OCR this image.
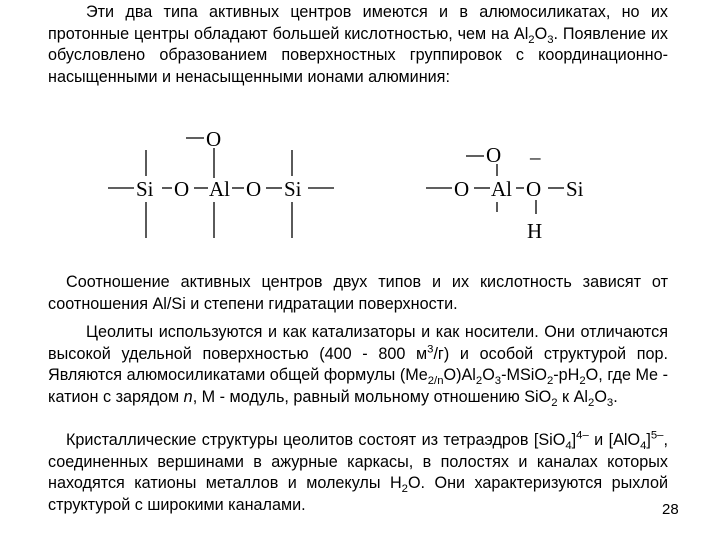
Эти два типа активных центров имеются и в алюмосиликатах, но их протонные центры обладают большей кислотностью, чем на $Al_2O_3$. Появление их обусловлено образованием поверхностных группировок с координационно-насыщенными и ненасыщенными ионами алюминия:

Si O Al
O
O Si	O Al
O
O
–
H
Si

Соотношение активных центров двух типов и их кислотность зависят от соотношения Al/Si и степени гидратации поверхности.

Цеолиты используются и как катализаторы и как носители. Они отличаются высокой удельной поверхностью (400 - 800 $м^3/г$) и особой структурой пор. Являются алюмосиликатами общей формулы $(Me_{2/n}O)Al_2O_3-MSiO_2-pH_2O$, где Me - катион с зарядом n, M - модуль, равный мольному отношению SiO$_2$ к $Al_2O_3$.

Кристаллические структуры цеолитов состоят из тетраэдров $[SiO_4]^{4-}$ и $[AlO_4]^{5-}$, соединенных вершинами в ажурные каркасы, в полостях и каналах которых находятся катионы металлов и молекулы $H_2O$. Они характеризуются рыхлой структурой с широкими каналами.	28
